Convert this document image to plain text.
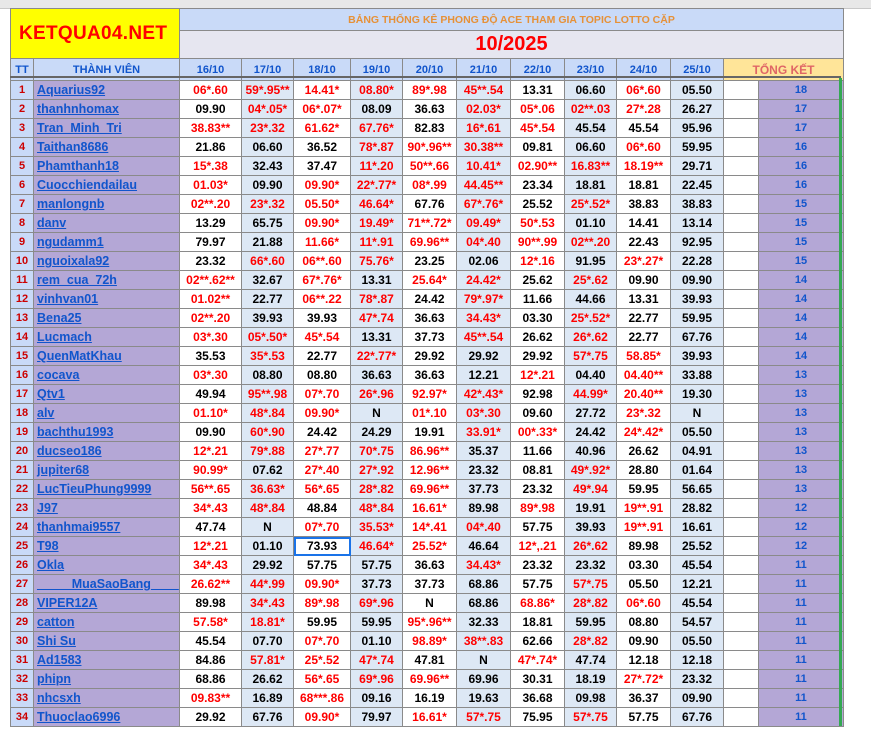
KETQUA04.NET		BẢNG THỐNG KÊ PHONG ĐỘ ACE THAM GIA TOPIC LOTTO CẶP											
		10/2025											
TT	THÀNH VIÊN	16/10	17/10	18/10	19/10	20/10	21/10	22/10	23/10	24/10	25/10	TỔNG KẾT	
1	Aquarius92	06*.60	59*.95**	14.41*	08.80*	89*.98	45**.54	13.31	06.60	06*.60	05.50		18
2	thanhnhomax	09.90	04*.05*	06*.07*	08.09	36.63	02.03*	05*.06	02**.03	27*.28	26.27		17
3	Tran_Minh_Tri	38.83**	23*.32	61.62*	67.76*	82.83	16*.61	45*.54	45.54	45.54	95.96		17
4	Taithan8686	21.86	06.60	36.52	78*.87	90*.96**	30.38**	09.81	06.60	06*.60	59.95		16
5	Phamthanh18	15*.38	32.43	37.47	11*.20	50**.66	10.41*	02.90**	16.83**	18.19**	29.71		16
6	Cuocchiendailau	01.03*	09.90	09.90*	22*.77*	08*.99	44.45**	23.34	18.81	18.81	22.45		16
7	manlongnb	02**.20	23*.32	05.50*	46.64*	67.76	67*.76*	25.52	25*.52*	38.83	38.83		15
8	danv	13.29	65.75	09.90*	19.49*	71**.72*	09.49*	50*.53	01.10	14.41	13.14		15
9	ngudamm1	79.97	21.88	11.66*	11*.91	69.96**	04*.40	90**.99	02**.20	22.43	92.95		15
10	nguoixala92	23.32	66*.60	06**.60	75.76*	23.25	02.06	12*.16	91.95	23*.27*	22.28		15
11	rem_cua_72h	02**.62**	32.67	67*.76*	13.31	25.64*	24.42*	25.62	25*.62	09.90	09.90		14
12	vinhvan01	01.02**	22.77	06**.22	78*.87	24.42	79*.97*	11.66	44.66	13.31	39.93		14
13	Bena25	02**.20	39.93	39.93	47*.74	36.63	34.43*	03.30	25*.52*	22.77	59.95		14
14	Lucmach	03*.30	05*.50*	45*.54	13.31	37.73	45**.54	26.62	26*.62	22.77	67.76		14
15	QuenMatKhau	35.53	35*.53	22.77	22*.77*	29.92	29.92	29.92	57*.75	58.85*	39.93		14
16	cocava	03*.30	08.80	08.80	36.63	36.63	12.21	12*.21	04.40	04.40**	33.88		13
17	Qtv1	49.94	95**.98	07*.70	26*.96	92.97*	42*.43*	92.98	44.99*	20.40**	19.30		13
18	alv	01.10*	48*.84	09.90*	N	01*.10	03*.30	09.60	27.72	23*.32	N		13
19	bachthu1993	09.90	60*.90	24.42	24.29	19.91	33.91*	00*.33*	24.42	24*.42*	05.50		13
20	ducseo186	12*.21	79*.88	27*.77	70*.75	86.96**	35.37	11.66	40.96	26.62	04.91		13
21	jupiter68	90.99*	07.62	27*.40	27*.92	12.96**	23.32	08.81	49*.92*	28.80	01.64		13
22	LucTieuPhung9999	56**.65	36.63*	56*.65	28*.82	69.96**	37.73	23.32	49*.94	59.95	56.65		13
23	J97	34*.43	48*.84	48.84	48*.84	16.61*	89.98	89*.98	19.91	19**.91	28.82		12
24	thanhmai9557	47.74	N	07*.70	35.53*	14*.41	04*.40	57.75	39.93	19**.91	16.61		12
25	T98	12*.21	01.10	73.93	46.64*	25.52*	46.64	12*,.21	26*.62	89.98	25.52		12
26	Okla	34*.43	29.92	57.75	57.75	36.63	34.43*	23.32	23.32	03.30	45.54		11
27	_____MuaSaoBang____	26.62**	44*.99	09.90*	37.73	37.73	68.86	57.75	57*.75	05.50	12.21		11
28	VIPER12A	89.98	34*.43	89*.98	69*.96	N	68.86	68.86*	28*.82	06*.60	45.54		11
29	catton	57.58*	18.81*	59.95	59.95	95*.96**	32.33	18.81	59.95	08.80	54.57		11
30	Shi Su	45.54	07.70	07*.70	01.10	98.89*	38**.83	62.66	28*.82	09.90	05.50		11
31	Ad1583	84.86	57.81*	25*.52	47*.74	47.81	N	47*.74*	47.74	12.18	12.18		11
32	phipn	68.86	26.62	56*.65	69*.96	69.96**	69.96	30.31	18.19	27*.72*	23.32		11
33	nhcsxh	09.83**	16.89	68***.86	09.16	16.19	19.63	36.68	09.98	36.37	09.90		11
34	Thuoclao6996	29.92	67.76	09.90*	79.97	16.61*	57*.75	75.95	57*.75	57.75	67.76		11
